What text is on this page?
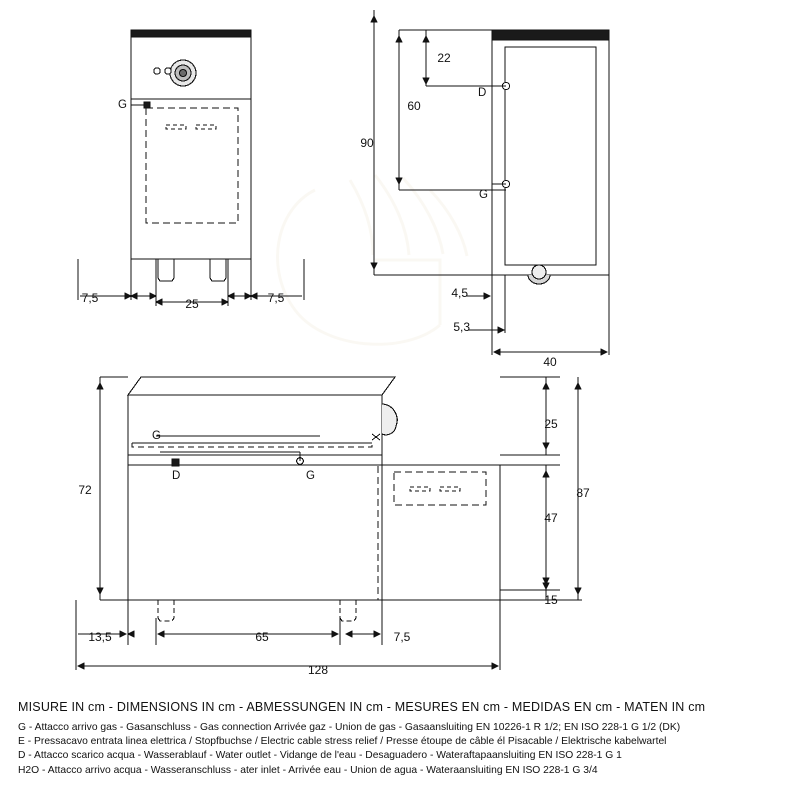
7,5	25	7,5
G
22
60
90
4,5
5,3
40
D
G
72
25
47
87
15
13,5	65	7,5
128
G
D	G
MISURE IN cm - DIMENSIONS IN cm - ABMESSUNGEN IN cm - MESURES EN cm - MEDIDAS EN cm - MATEN IN cm
G - Attacco arrivo gas - Gasanschluss - Gas connection Arrivée gaz - Union de gas - Gasaansluiting EN 10226-1 R 1/2; EN ISO 228-1 G 1/2 (DK)
E - Pressacavo entrata linea elettrica / Stopfbuchse / Electric cable stress relief / Presse étoupe de câble él Pisacable / Elektrische kabelwartel
D - Attacco scarico acqua - Wasserablauf - Water outlet - Vidange de l'eau - Desaguadero - Wateraftapaansluiting EN ISO 228-1 G 1
H2O - Attacco arrivo acqua - Wasseranschluss - ater inlet - Arrivée eau - Union de agua - Wateraansluiting EN ISO 228-1 G 3/4
